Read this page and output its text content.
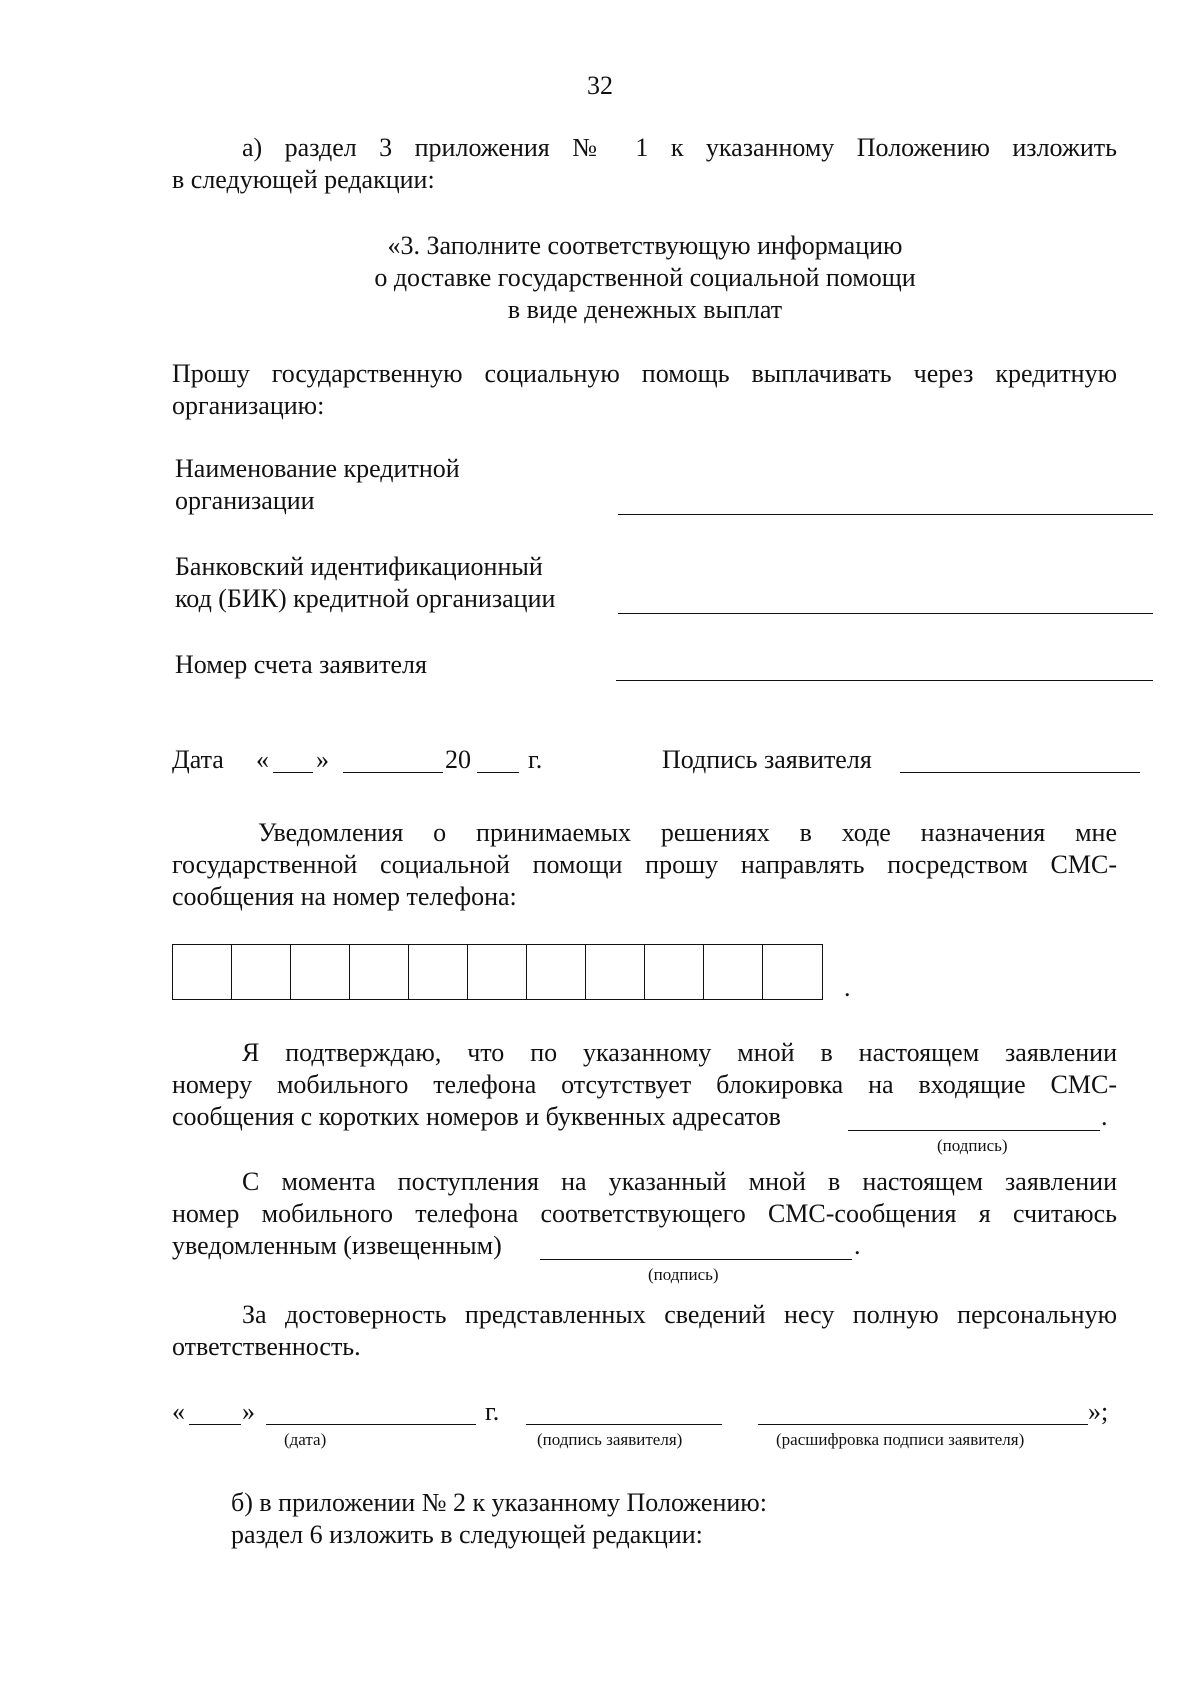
32
а) раздел 3 приложения № 1 к указанному Положению изложить
в следующей редакции:
«3. Заполните соответствующую информацию
о доставке государственной социальной помощи
в виде денежных выплат
Прошу государственную социальную помощь выплачивать через кредитную
организацию:
Наименование кредитной
организации
Банковский идентификационный
код (БИК) кредитной организации
Номер счета заявителя
Дата « »	20 г.	Подпись заявителя
Уведомления о принимаемых решениях в ходе назначения мне
государственной социальной помощи прошу направлять посредством СМС-
сообщения на номер телефона:
.
Я подтверждаю, что по указанному мной в настоящем заявлении
номеру мобильного телефона отсутствует блокировка на входящие СМС-
сообщения с коротких номеров и буквенных адресатов	.
(подпись)
С момента поступления на указанный мной в настоящем заявлении
номер мобильного телефона соответствующего СМС-сообщения я считаюсь
уведомленным (извещенным)	.
(подпись)
За достоверность представленных сведений несу полную персональную
ответственность.
« »	г.	»;
(дата)	(подпись заявителя)	(расшифровка подписи заявителя)
б) в приложении № 2 к указанному Положению:
раздел 6 изложить в следующей редакции:
